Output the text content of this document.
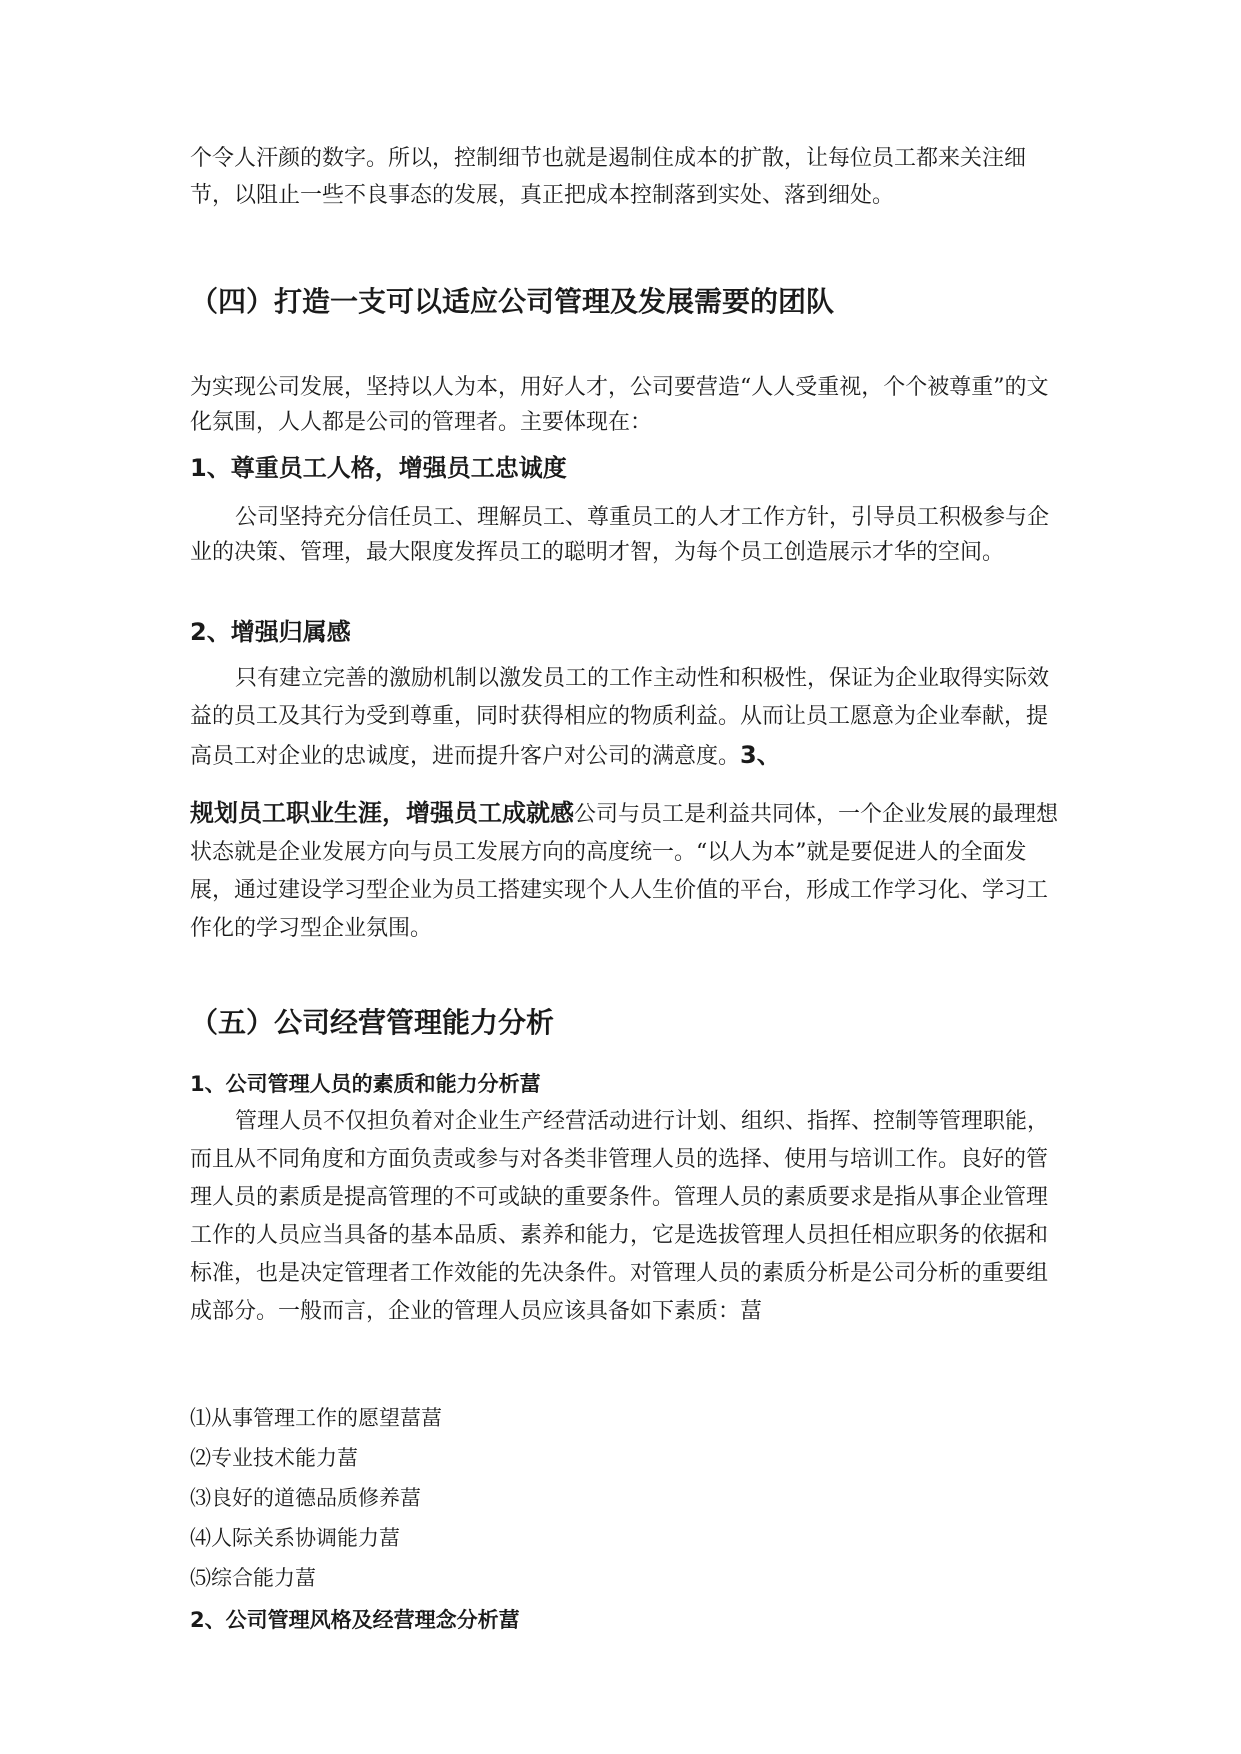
个令人汗颜的数字。所以，控制细节也就是遏制住成本的扩散，让每位员工都来关注细节，以阻止一些不良事态的发展，真正把成本控制落到实处、落到细处。

（四）打造一支可以适应公司管理及发展需要的团队

为实现公司发展，坚持以人为本，用好人才，公司要营造“人人受重视，个个被尊重”的文化氛围，人人都是公司的管理者。主要体现在：

1、尊重员工人格，增强员工忠诚度

公司坚持充分信任员工、理解员工、尊重员工的人才工作方针，引导员工积极参与企业的决策、管理，最大限度发挥员工的聪明才智，为每个员工创造展示才华的空间。

2、增强归属感

只有建立完善的激励机制以激发员工的工作主动性和积极性，保证为企业取得实际效益的员工及其行为受到尊重，同时获得相应的物质利益。从而让员工愿意为企业奉献，提高员工对企业的忠诚度，进而提升客户对公司的满意度。3、

规划员工职业生涯，增强员工成就感公司与员工是利益共同体，一个企业发展的最理想状态就是企业发展方向与员工发展方向的高度统一。“以人为本”就是要促进人的全面发展，通过建设学习型企业为员工搭建实现个人人生价值的平台，形成工作学习化、学习工作化的学习型企业氛围。

（五）公司经营管理能力分析
1、公司管理人员的素质和能力分析葍

管理人员不仅担负着对企业生产经营活动进行计划、组织、指挥、控制等管理职能，而且从不同角度和方面负责或参与对各类非管理人员的选择、使用与培训工作。良好的管理人员的素质是提高管理的不可或缺的重要条件。管理人员的素质要求是指从事企业管理工作的人员应当具备的基本品质、素养和能力，它是选拔管理人员担任相应职务的依据和标准，也是决定管理者工作效能的先决条件。对管理人员的素质分析是公司分析的重要组成部分。一般而言，企业的管理人员应该具备如下素质：葍

⑴从事管理工作的愿望葍葍
⑵专业技术能力葍
⑶良好的道德品质修养葍
⑷人际关系协调能力葍
⑸综合能力葍
2、公司管理风格及经营理念分析葍
